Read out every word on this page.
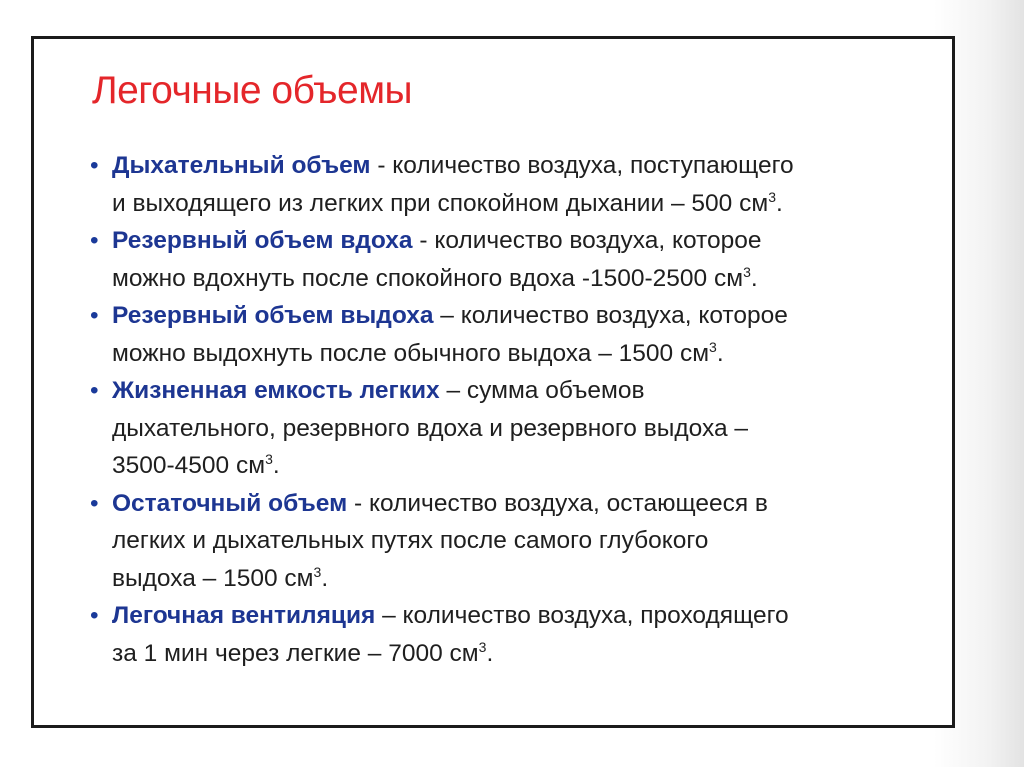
Легочные объемы
• Дыхательный объем - количество воздуха, поступающего
и выходящего из легких при спокойном дыхании – 500 $см^3$.
• Резервный объем вдоха - количество воздуха, которое
можно вдохнуть после спокойного вдоха -1500-2500 $см^3$.
• Резервный объем выдоха – количество воздуха, которое
можно выдохнуть после обычного выдоха – 1500 $см^3$.
• Жизненная емкость легких – сумма объемов
дыхательного, резервного вдоха и резервного выдоха –
3500-4500 $см^3$.
• Остаточный объем - количество воздуха, остающееся в
легких и дыхательных путях после самого глубокого
выдоха – 1500 $см^3$.
• Легочная вентиляция – количество воздуха, проходящего
за 1 мин через легкие – 7000 $см^3$.
